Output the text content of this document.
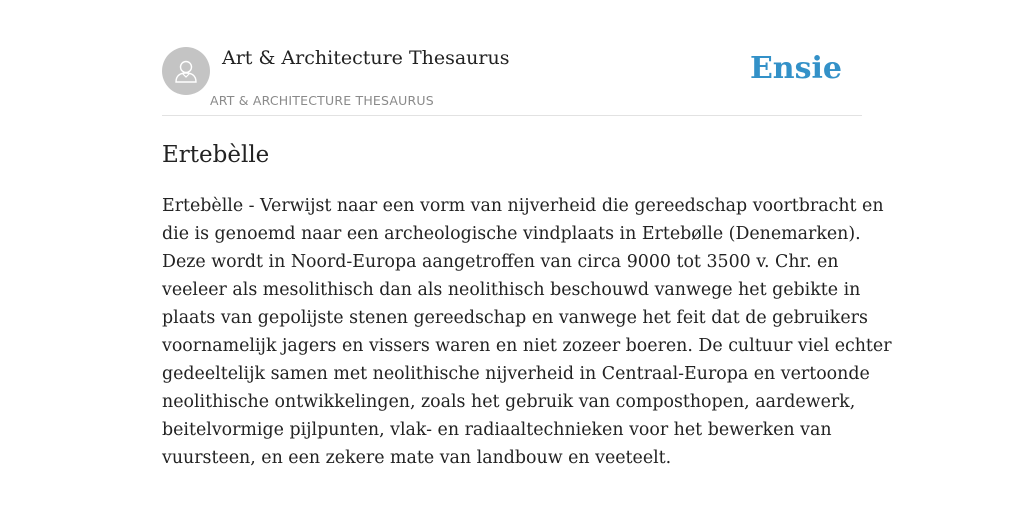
Art & Architecture Thesaurus
ART & ARCHITECTURE THESAURUS
Ensie
Ertebèlle
Ertebèlle - Verwijst naar een vorm van nijverheid die gereedschap voortbracht en
die is genoemd naar een archeologische vindplaats in Ertebølle (Denemarken).
Deze wordt in Noord-Europa aangetroffen van circa 9000 tot 3500 v. Chr. en
veeleer als mesolithisch dan als neolithisch beschouwd vanwege het gebikte in
plaats van gepolijste stenen gereedschap en vanwege het feit dat de gebruikers
voornamelijk jagers en vissers waren en niet zozeer boeren. De cultuur viel echter
gedeeltelijk samen met neolithische nijverheid in Centraal-Europa en vertoonde
neolithische ontwikkelingen, zoals het gebruik van composthopen, aardewerk,
beitelvormige pijlpunten, vlak- en radiaaltechnieken voor het bewerken van
vuursteen, en een zekere mate van landbouw en veeteelt.
